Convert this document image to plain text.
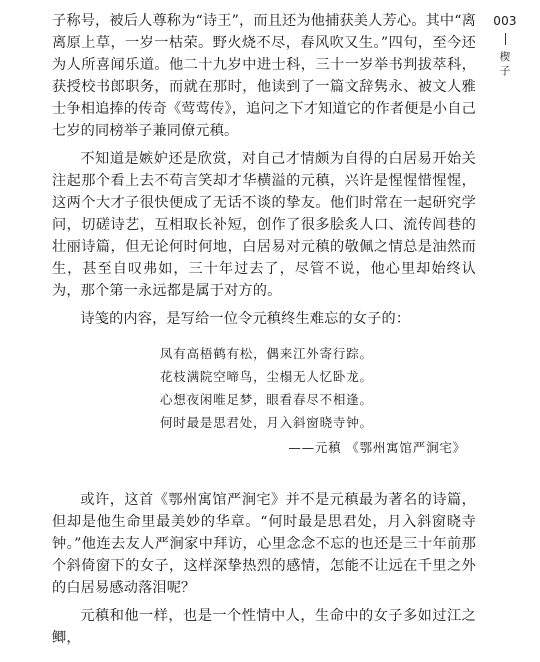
子称号，被后人尊称为“诗王”，而且还为他捕获美人芳心。其中“离离原上草，一岁一枯荣。野火烧不尽，春风吹又生。”四句，至今还为人所喜闻乐道。他二十九岁中进士科，三十一岁举书判拔萃科，获授校书郎职务，而就在那时，他读到了一篇文辞隽永、被文人雅士争相追捧的传奇《莺莺传》，追问之下才知道它的作者便是小自己七岁的同榜举子兼同僚元稹。

不知道是嫉妒还是欣赏，对自己才情颇为自得的白居易开始关注起那个看上去不苟言笑却才华横溢的元稹，兴许是惺惺惜惺惺，这两个大才子很快便成了无话不谈的挚友。他们时常在一起研究学问，切磋诗艺，互相取长补短，创作了很多脍炙人口、流传闾巷的壮丽诗篇，但无论何时何地，白居易对元稹的敬佩之情总是油然而生，甚至自叹弗如，三十年过去了，尽管不说，他心里却始终认为，那个第一永远都是属于对方的。

诗笺的内容，是写给一位令元稹终生难忘的女子的：

凤有高梧鹤有松，偶来江外寄行踪。
花枝满院空啼鸟，尘榻无人忆卧龙。
心想夜闲唯足梦，眼看春尽不相逢。
何时最是思君处，月入斜窗晓寺钟。
——元稹 《鄂州寓馆严涧宅》

或许，这首《鄂州寓馆严涧宅》并不是元稹最为著名的诗篇，但却是他生命里最美妙的华章。“何时最是思君处，月入斜窗晓寺钟。”他连去友人严涧家中拜访，心里念念不忘的也还是三十年前那个斜倚窗下的女子，这样深挚热烈的感情，怎能不让远在千里之外的白居易感动落泪呢？

元稹和他一样，也是一个性情中人，生命中的女子多如过江之鲫，

003
楔
子
